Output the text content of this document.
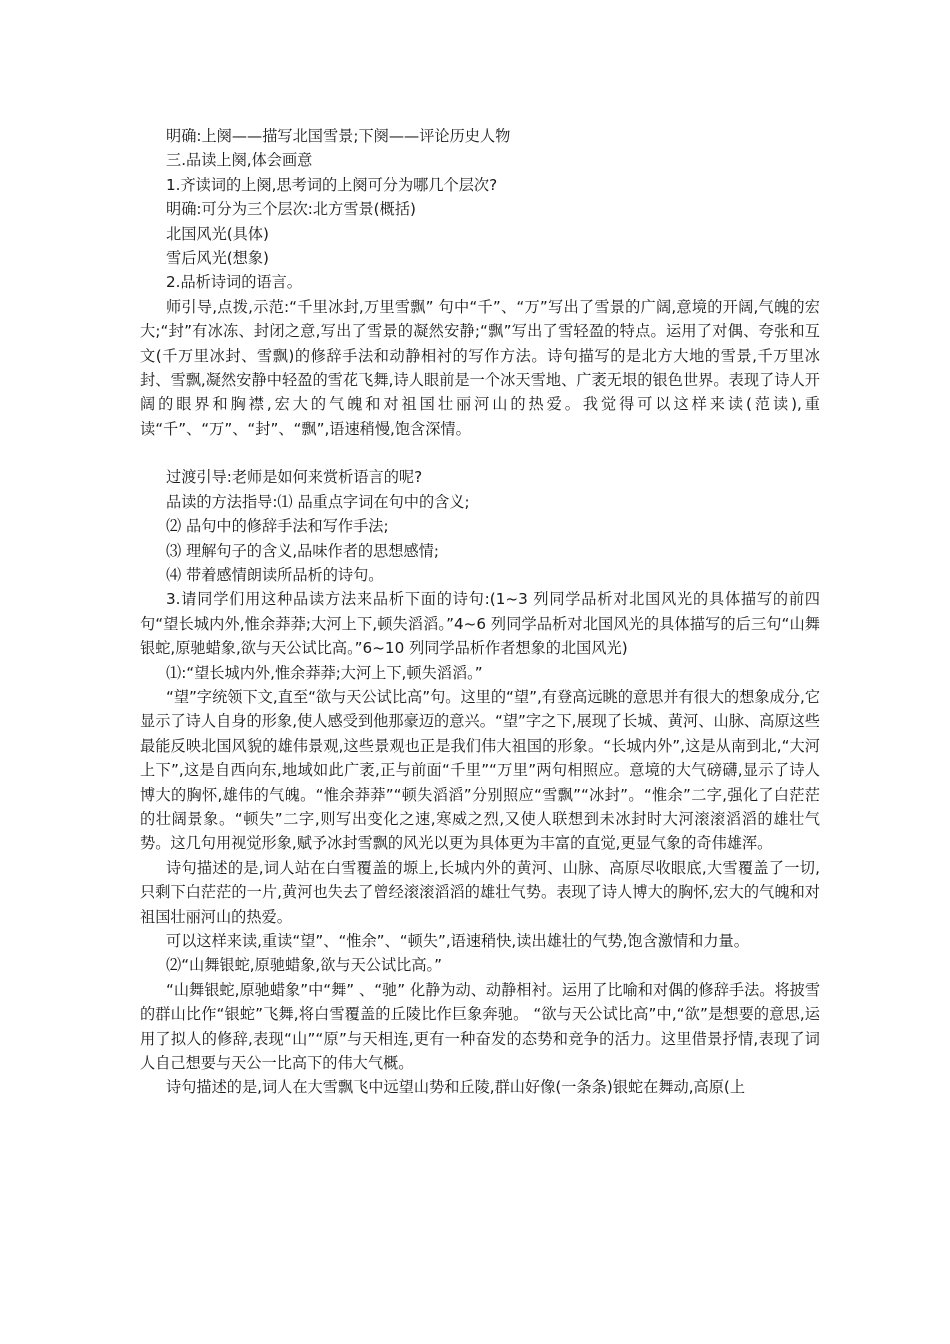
明确:上阕——描写北国雪景;下阕——评论历史人物

三.品读上阕,体会画意

1.齐读词的上阕,思考词的上阕可分为哪几个层次?

明确:可分为三个层次:北方雪景(概括)

北国风光(具体)

雪后风光(想象)

2.品析诗词的语言。

师引导,点拨,示范:“千里冰封,万里雪飘” 句中“千”、“万”写出了雪景的广阔,意境的开阔,气魄的宏大;“封”有冰冻、封闭之意,写出了雪景的凝然安静;“飘”写出了雪轻盈的特点。运用了对偶、夸张和互文(千万里冰封、雪飘)的修辞手法和动静相衬的写作方法。诗句描写的是北方大地的雪景,千万里冰封、雪飘,凝然安静中轻盈的雪花飞舞,诗人眼前是一个冰天雪地、广袤无垠的银色世界。表现了诗人开阔的眼界和胸襟,宏大的气魄和对祖国壮丽河山的热爱。我觉得可以这样来读(范读),重读“千”、“万”、“封”、“飘”,语速稍慢,饱含深情。

过渡引导:老师是如何来赏析语言的呢?

品读的方法指导:⑴ 品重点字词在句中的含义;

⑵ 品句中的修辞手法和写作手法;

⑶ 理解句子的含义,品味作者的思想感情;

⑷ 带着感情朗读所品析的诗句。

3.请同学们用这种品读方法来品析下面的诗句:(1~3 列同学品析对北国风光的具体描写的前四句“望长城内外,惟余莽莽;大河上下,顿失滔滔。”4~6 列同学品析对北国风光的具体描写的后三句“山舞银蛇,原驰蜡象,欲与天公试比高。”6~10 列同学品析作者想象的北国风光)

⑴:“望长城内外,惟余莽莽;大河上下,顿失滔滔。”

“望”字统领下文,直至“欲与天公试比高”句。这里的“望”,有登高远眺的意思并有很大的想象成分,它显示了诗人自身的形象,使人感受到他那豪迈的意兴。“望”字之下,展现了长城、黄河、山脉、高原这些最能反映北国风貌的雄伟景观,这些景观也正是我们伟大祖国的形象。“长城内外”,这是从南到北,“大河上下”,这是自西向东,地域如此广袤,正与前面“千里”“万里”两句相照应。意境的大气磅礴,显示了诗人博大的胸怀,雄伟的气魄。“惟余莽莽”“顿失滔滔”分别照应“雪飘”“冰封”。“惟余”二字,强化了白茫茫的壮阔景象。“顿失”二字,则写出变化之速,寒威之烈,又使人联想到未冰封时大河滚滚滔滔的雄壮气势。这几句用视觉形象,赋予冰封雪飘的风光以更为具体更为丰富的直觉,更显气象的奇伟雄浑。

诗句描述的是,词人站在白雪覆盖的塬上,长城内外的黄河、山脉、高原尽收眼底,大雪覆盖了一切,只剩下白茫茫的一片,黄河也失去了曾经滚滚滔滔的雄壮气势。表现了诗人博大的胸怀,宏大的气魄和对祖国壮丽河山的热爱。

可以这样来读,重读“望”、“惟余”、“顿失”,语速稍快,读出雄壮的气势,饱含激情和力量。

⑵“山舞银蛇,原驰蜡象,欲与天公试比高。”

“山舞银蛇,原驰蜡象”中“舞” 、“驰” 化静为动、动静相衬。运用了比喻和对偶的修辞手法。将披雪的群山比作“银蛇”飞舞,将白雪覆盖的丘陵比作巨象奔驰。 “欲与天公试比高”中,“欲”是想要的意思,运用了拟人的修辞,表现“山”“原”与天相连,更有一种奋发的态势和竞争的活力。这里借景抒情,表现了词人自己想要与天公一比高下的伟大气概。

诗句描述的是,词人在大雪飘飞中远望山势和丘陵,群山好像(一条条)银蛇在舞动,高原(上
